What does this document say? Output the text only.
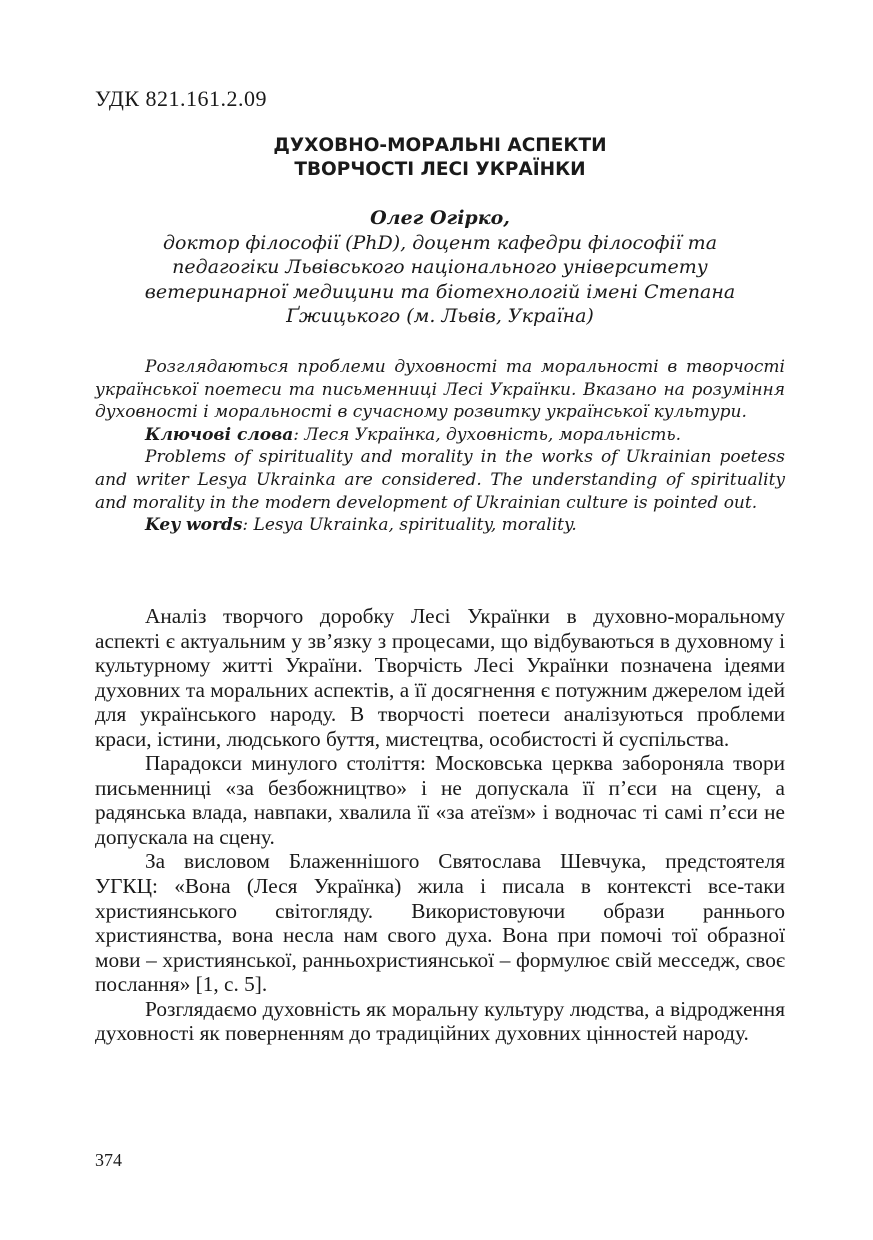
УДК 821.161.2.09
ДУХОВНО-МОРАЛЬНІ АСПЕКТИ
ТВОРЧОСТІ ЛЕСІ УКРАЇНКИ
Олег Огірко,
доктор філософії (PhD), доцент кафедри філософії та
педагогіки Львівського національного університету
ветеринарної медицини та біотехнологій імені Степана
Ґжицького (м. Львів, Україна)

Розглядаються проблеми духовності та моральності в творчості української поетеси та письменниці Лесі Українки. Вказано на розуміння духовності і моральності в сучасному розвитку української культури.

Ключові слова: Леся Українка, духовність, моральність.

Problems of spirituality and morality in the works of Ukrainian poetess and writer Lesya Ukrainka are considered. The understanding of spirituality and morality in the modern development of Ukrainian culture is pointed out.

Key words: Lesya Ukrainka, spirituality, morality.

Аналіз творчого доробку Лесі Українки в духовно-моральному аспекті є актуальним у зв’язку з процесами, що відбуваються в духовному і культурному житті України. Творчість Лесі Українки позначена ідеями духовних та моральних аспектів, а її досягнення є потужним джерелом ідей для українського народу. В творчості поетеси аналізуються проблеми краси, істини, людського буття, мистецтва, особистості й суспільства.

Парадокси минулого століття: Московська церква забороняла твори письменниці «за безбожництво» і не допускала її п’єси на сцену, а радянська влада, навпаки, хвалила її «за атеїзм» і водночас ті самі п’єси не допускала на сцену.

За висловом Блаженнішого Святослава Шевчука, предстоятеля УГКЦ: «Вона (Леся Українка) жила і писала в контексті все-таки християнського світогляду. Використовуючи образи раннього християнства, вона несла нам свого духа. Вона при помочі тої образної мови – християнської, ранньохристиянської – формулює свій месседж, своє послання» [1, с. 5].

Розглядаємо духовність як моральну культуру людства, а відродження духовності як поверненням до традиційних духовних цінностей народу.

374
